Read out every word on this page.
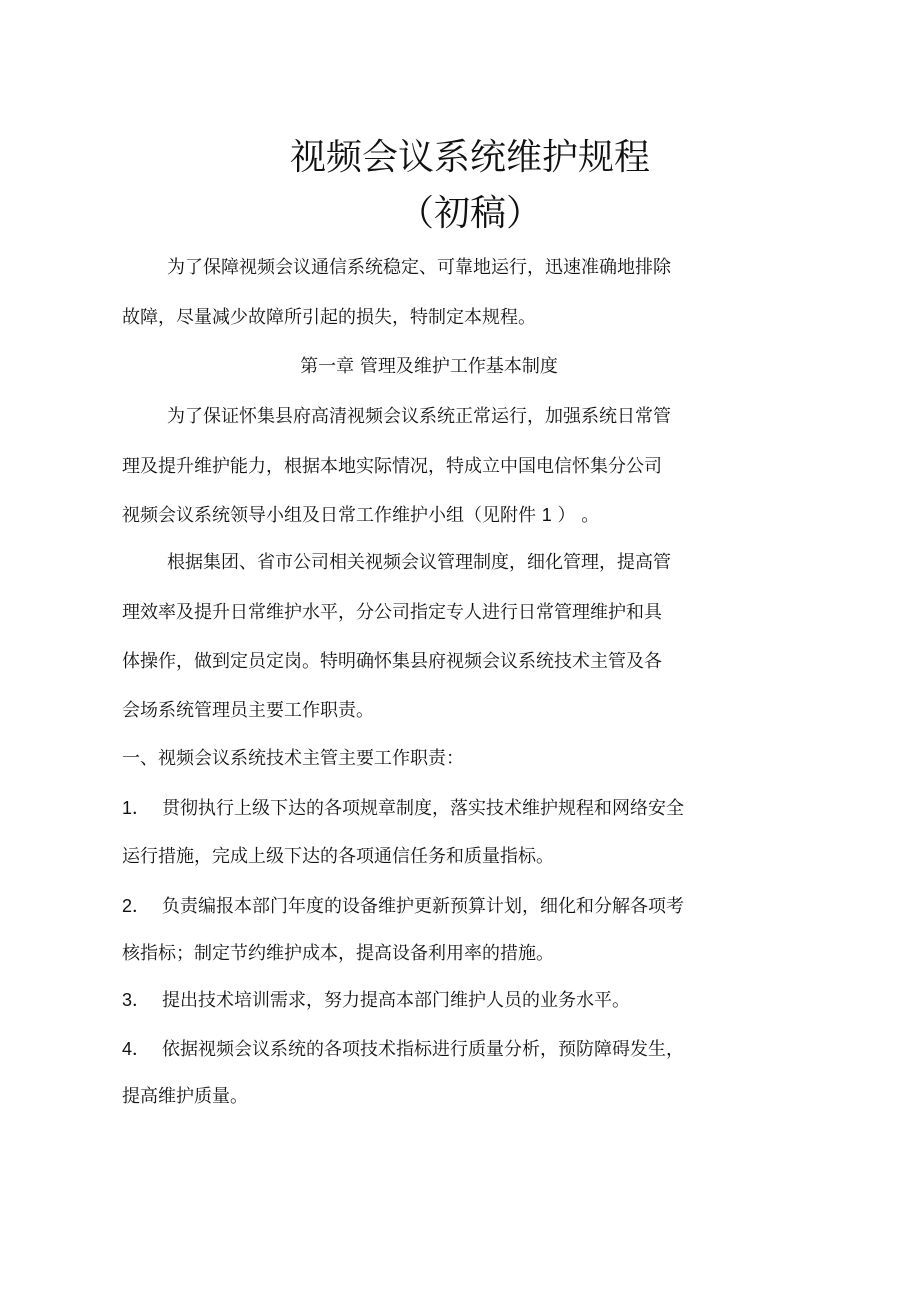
视频会议系统维护规程
（初稿）
为了保障视频会议通信系统稳定、可靠地运行，迅速准确地排除
故障，尽量减少故障所引起的损失，特制定本规程。
第一章 管理及维护工作基本制度
为了保证怀集县府高清视频会议系统正常运行，加强系统日常管
理及提升维护能力，根据本地实际情况，特成立中国电信怀集分公司
视频会议系统领导小组及日常工作维护小组（见附件 1 ） 。
根据集团、省市公司相关视频会议管理制度，细化管理，提高管
理效率及提升日常维护水平，分公司指定专人进行日常管理维护和具
体操作，做到定员定岗。特明确怀集县府视频会议系统技术主管及各
会场系统管理员主要工作职责。
一、视频会议系统技术主管主要工作职责：
1． 贯彻执行上级下达的各项规章制度，落实技术维护规程和网络安全
运行措施，完成上级下达的各项通信任务和质量指标。
2． 负责编报本部门年度的设备维护更新预算计划，细化和分解各项考
核指标；制定节约维护成本，提高设备利用率的措施。
3． 提出技术培训需求，努力提高本部门维护人员的业务水平。
4． 依据视频会议系统的各项技术指标进行质量分析，预防障碍发生，
提高维护质量。
